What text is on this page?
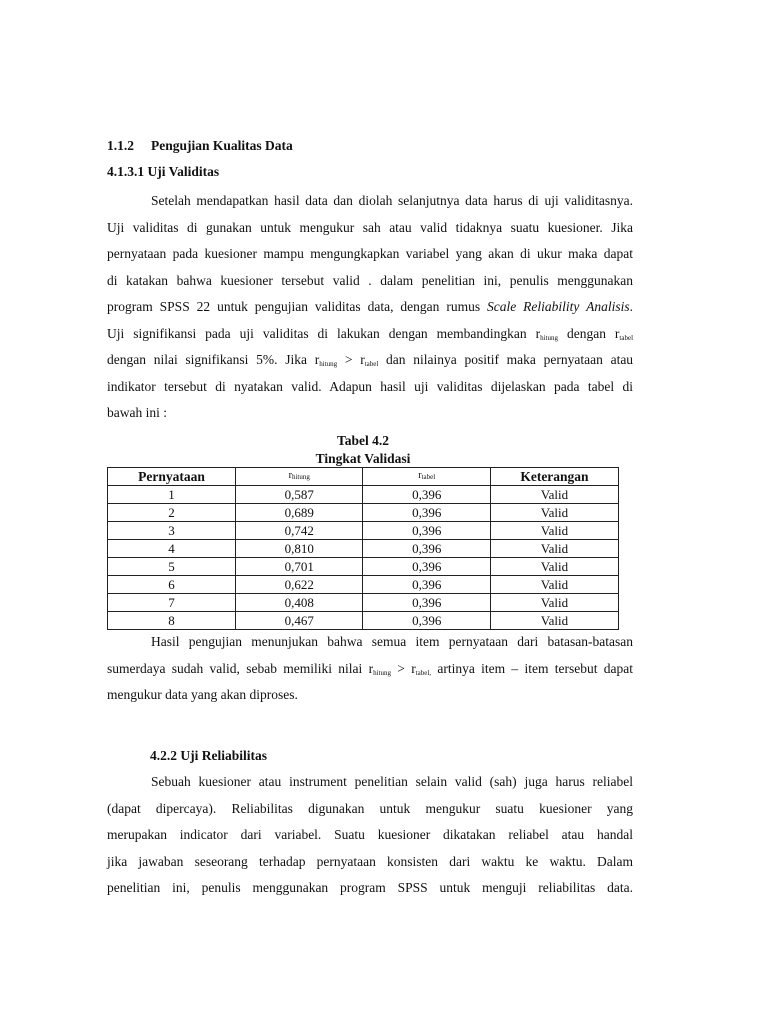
1.1.2 Pengujian Kualitas Data

4.1.3.1 Uji Validitas

Setelah mendapatkan hasil data dan diolah selanjutnya data harus di uji validitasnya.
Uji validitas di gunakan untuk mengukur sah atau valid tidaknya suatu kuesioner. Jika
pernyataan pada kuesioner mampu mengungkapkan variabel yang akan di ukur maka dapat
di katakan bahwa kuesioner tersebut valid . dalam penelitian ini, penulis menggunakan
program SPSS 22 untuk pengujian validitas data, dengan rumus Scale Reliability Analisis.
Uji signifikansi pada uji validitas di lakukan dengan membandingkan $r_{hitung}$ dengan $r_{tabel}$
dengan nilai signifikansi 5%. Jika $r_{hitung} > r_{tabel}$ dan nilainya positif maka pernyataan atau
indikator tersebut di nyatakan valid. Adapun hasil uji validitas dijelaskan pada tabel di
bawah ini :

Tabel 4.2

Tingkat Validasi

Pernyataan	$r_{hitung}$	$r_{tabel}$	Keterangan
1	0,587	0,396	Valid
2	0,689	0,396	Valid
3	0,742	0,396	Valid
4	0,810	0,396	Valid
5	0,701	0,396	Valid
6	0,622	0,396	Valid
7	0,408	0,396	Valid
8	0,467	0,396	Valid
Hasil pengujian menunjukan bahwa semua item pernyataan dari batasan-batasan
sumerdaya sudah valid, sebab memiliki nilai $r_{hitung} > r_{tabel,}$ artinya item – item tersebut dapat
mengukur data yang akan diproses.

4.2.2 Uji Reliabilitas

Sebuah kuesioner atau instrument penelitian selain valid (sah) juga harus reliabel
(dapat dipercaya). Reliabilitas digunakan untuk mengukur suatu kuesioner yang
merupakan indicator dari variabel. Suatu kuesioner dikatakan reliabel atau handal
jika jawaban seseorang terhadap pernyataan konsisten dari waktu ke waktu. Dalam
penelitian ini, penulis menggunakan program SPSS untuk menguji reliabilitas data.
